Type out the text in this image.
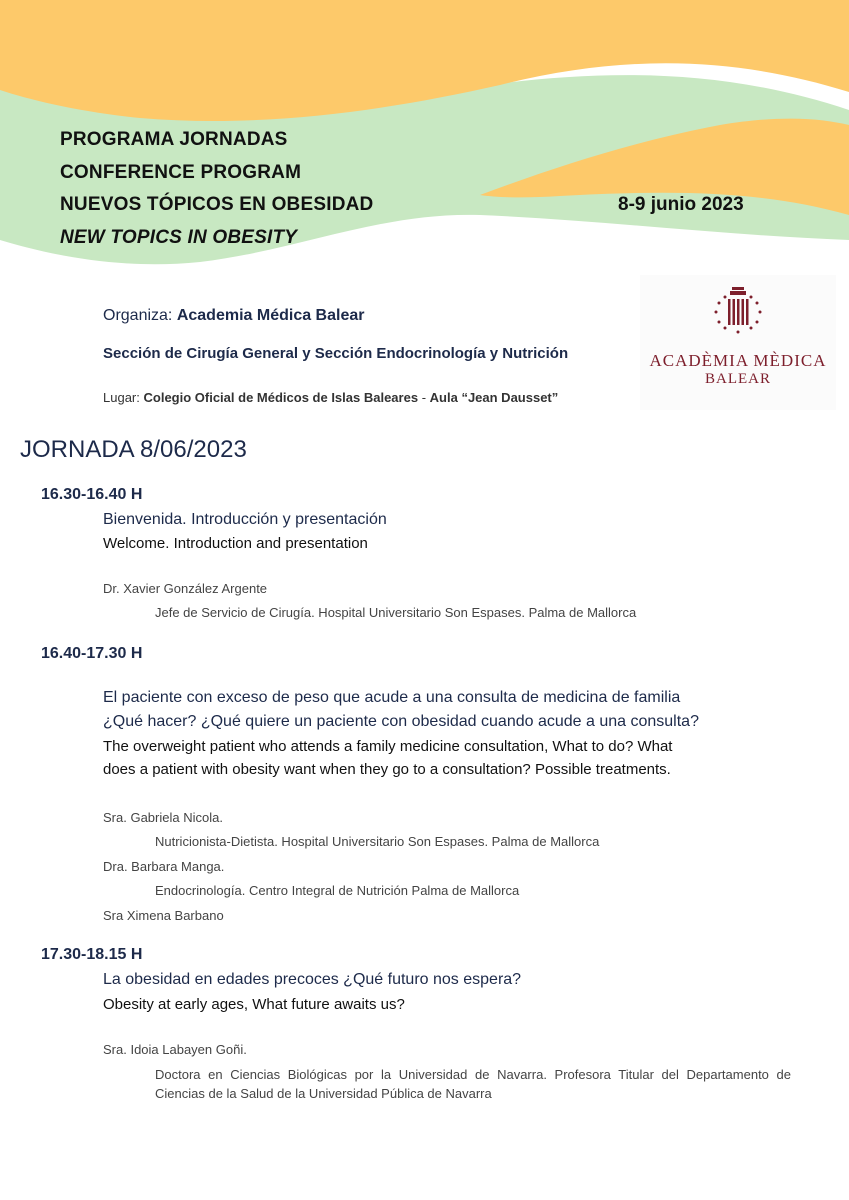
PROGRAMA JORNADAS
CONFERENCE PROGRAM
NUEVOS TÓPICOS EN OBESIDAD
NEW TOPICS IN OBESITY
8-9 junio 2023
Organiza: Academia Médica Balear
Sección de Cirugía General y Sección Endocrinología y Nutrición
Lugar: Colegio Oficial de Médicos de Islas Baleares - Aula “Jean Dausset”
ACADÈMIA MÈDICA
BALEAR
JORNADA 8/06/2023
16.30-16.40 H
Bienvenida. Introducción y presentación
Welcome. Introduction and presentation
Dr. Xavier González Argente
Jefe de Servicio de Cirugía. Hospital Universitario Son Espases. Palma de Mallorca
16.40-17.30 H
El paciente con exceso de peso que acude a una consulta de medicina de familia
¿Qué hacer? ¿Qué quiere un paciente con obesidad cuando acude a una consulta?
The overweight patient who attends a family medicine consultation, What to do? What
does a patient with obesity want when they go to a consultation? Possible treatments.
Sra. Gabriela Nicola.
Nutricionista-Dietista. Hospital Universitario Son Espases. Palma de Mallorca
Dra. Barbara Manga.
Endocrinología. Centro Integral de Nutrición Palma de Mallorca
Sra Ximena Barbano
17.30-18.15 H
La obesidad en edades precoces ¿Qué futuro nos espera?
Obesity at early ages, What future awaits us?
Sra. Idoia Labayen Goñi.
Doctora en Ciencias Biológicas por la Universidad de Navarra. Profesora Titular del Departamento de Ciencias de la Salud de la Universidad Pública de Navarra
